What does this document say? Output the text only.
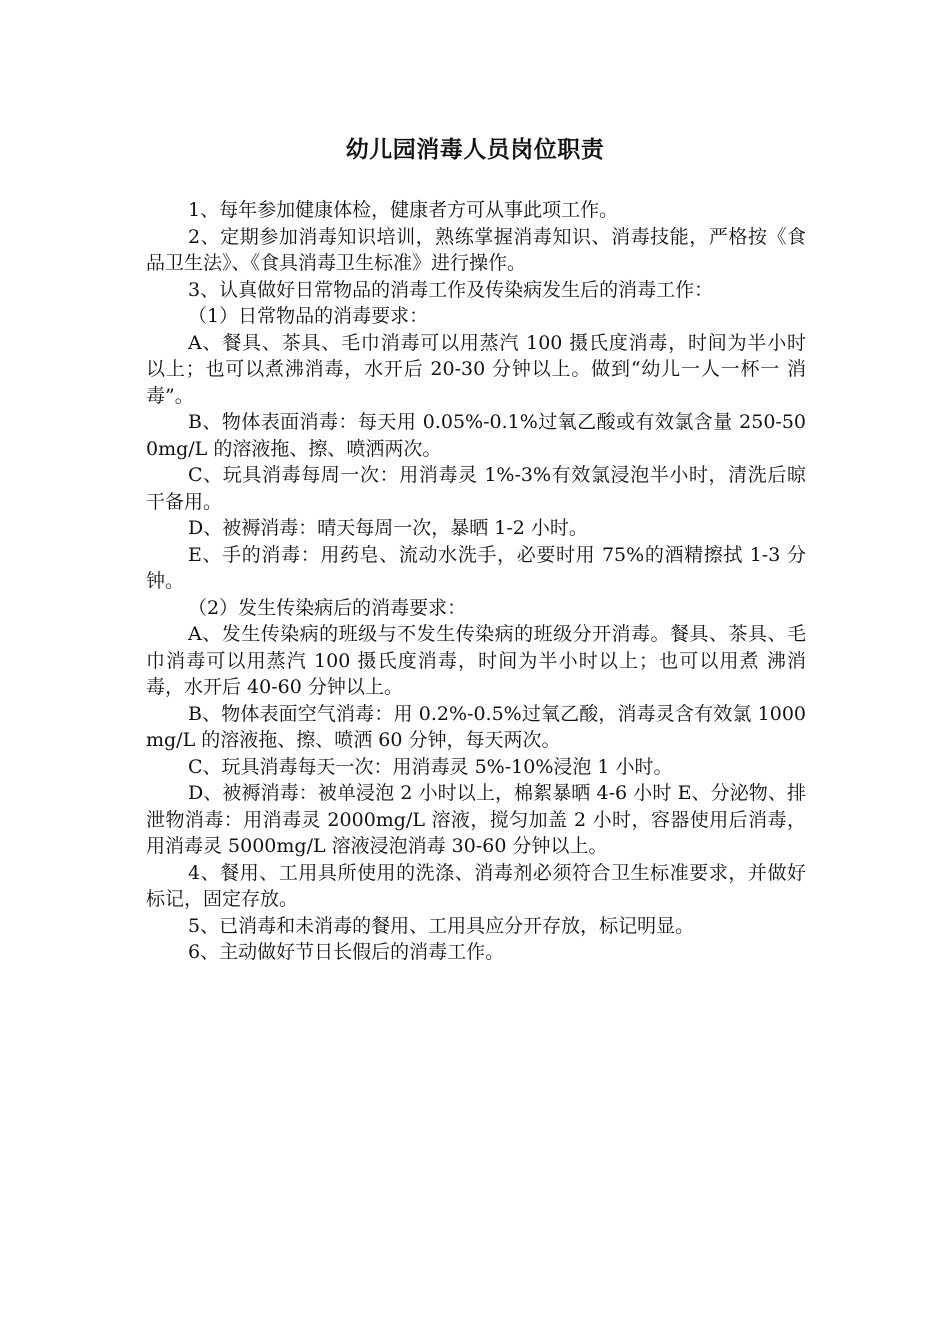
幼儿园消毒人员岗位职责

1、每年参加健康体检，健康者方可从事此项工作。

2、定期参加消毒知识培训，熟练掌握消毒知识、消毒技能，严格按《食 品卫生法》、《食具消毒卫生标准》进行操作。

3、认真做好日常物品的消毒工作及传染病发生后的消毒工作：

（1）日常物品的消毒要求：

A、餐具、茶具、毛巾消毒可以用蒸汽 100 摄氏度消毒，时间为半小时 以上；也可以煮沸消毒，水开后 20-30 分钟以上。做到“幼儿一人一杯一 消毒”。

B、物体表面消毒：每天用 0.05%-0.1%过氧乙酸或有效氯含量 250-500mg/L 的溶液拖、擦、喷洒两次。

C、玩具消毒每周一次：用消毒灵 1%-3%有效氯浸泡半小时，清洗后晾 干备用。

D、被褥消毒：晴天每周一次，暴晒 1-2 小时。

E、手的消毒：用药皂、流动水洗手，必要时用 75%的酒精擦拭 1-3 分 钟。

（2）发生传染病后的消毒要求：

A、发生传染病的班级与不发生传染病的班级分开消毒。餐具、茶具、毛巾消毒可以用蒸汽 100 摄氏度消毒，时间为半小时以上；也可以用煮 沸消毒，水开后 40-60 分钟以上。

B、物体表面空气消毒：用 0.2%-0.5%过氧乙酸，消毒灵含有效氯 1000mg/L 的溶液拖、擦、喷洒 60 分钟，每天两次。

C、玩具消毒每天一次：用消毒灵 5%-10%浸泡 1 小时。

D、被褥消毒：被单浸泡 2 小时以上，棉絮暴晒 4-6 小时 E、分泌物、排泄物消毒：用消毒灵 2000mg/L 溶液，搅匀加盖 2 小时，容器使用后消毒，用消毒灵 5000mg/L 溶液浸泡消毒 30-60 分钟以上。

4、餐用、工用具所使用的洗涤、消毒剂必须符合卫生标准要求，并做好标记，固定存放。

5、已消毒和未消毒的餐用、工用具应分开存放，标记明显。

6、主动做好节日长假后的消毒工作。
